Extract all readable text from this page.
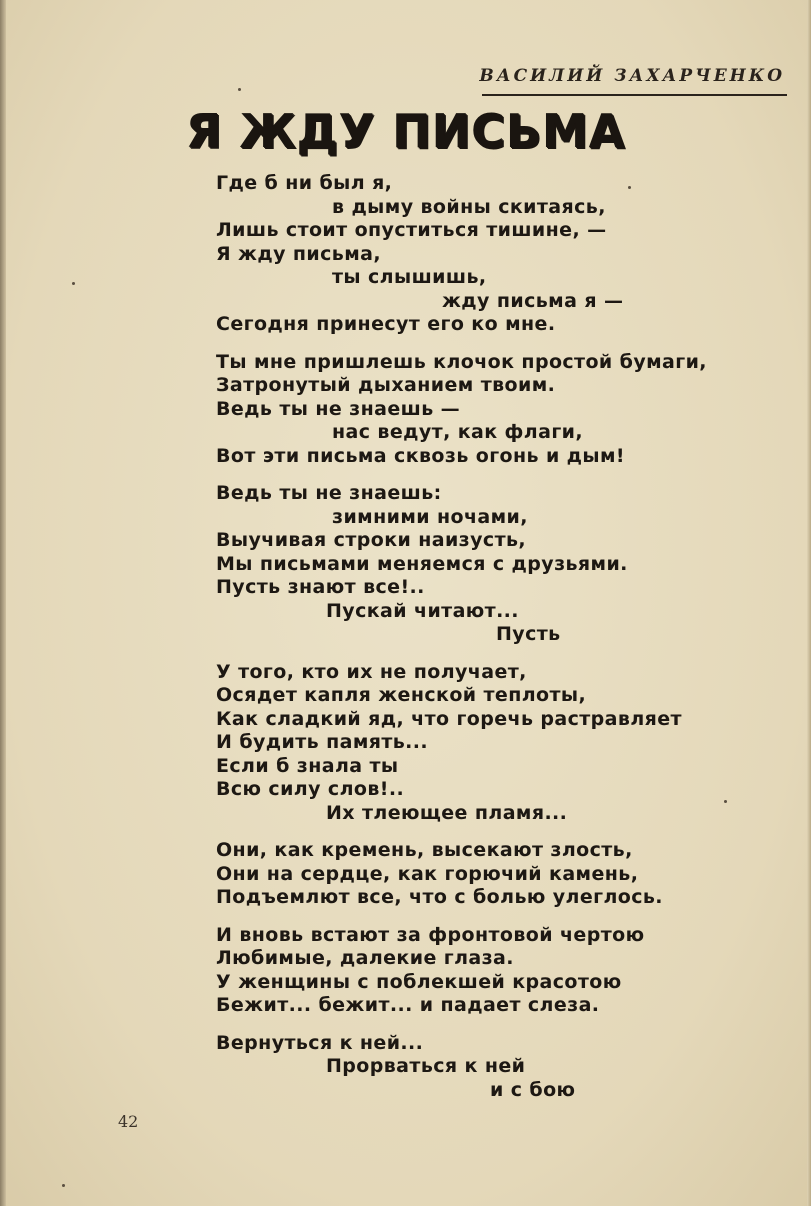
ВАСИЛИЙ ЗАХАРЧЕНКО
Я ЖДУ ПИСЬМА
Где б ни был я,
в дыму войны скитаясь,
Лишь стоит опуститься тишине, —
Я жду письма,
ты слышишь,
жду письма я —
Сегодня принесут его ко мне.
Ты мне пришлешь клочок простой бумаги,
Затронутый дыханием твоим.
Ведь ты не знаешь —
нас ведут, как флаги,
Вот эти письма сквозь огонь и дым!
Ведь ты не знаешь:
зимними ночами,
Выучивая строки наизусть,
Мы письмами меняемся с друзьями.
Пусть знают все!..
Пускай читают...
Пусть
У того, кто их не получает,
Осядет капля женской теплоты,
Как сладкий яд, что горечь растравляет
И будить память...
Если б знала ты
Всю силу слов!..
Их тлеющее пламя...
Они, как кремень, высекают злость,
Они на сердце, как горючий камень,
Подъемлют все, что с болью улеглось.
И вновь встают за фронтовой чертою
Любимые, далекие глаза.
У женщины с поблекшей красотою
Бежит... бежит... и падает слеза.
Вернуться к ней...
Прорваться к ней
и с бою
42
